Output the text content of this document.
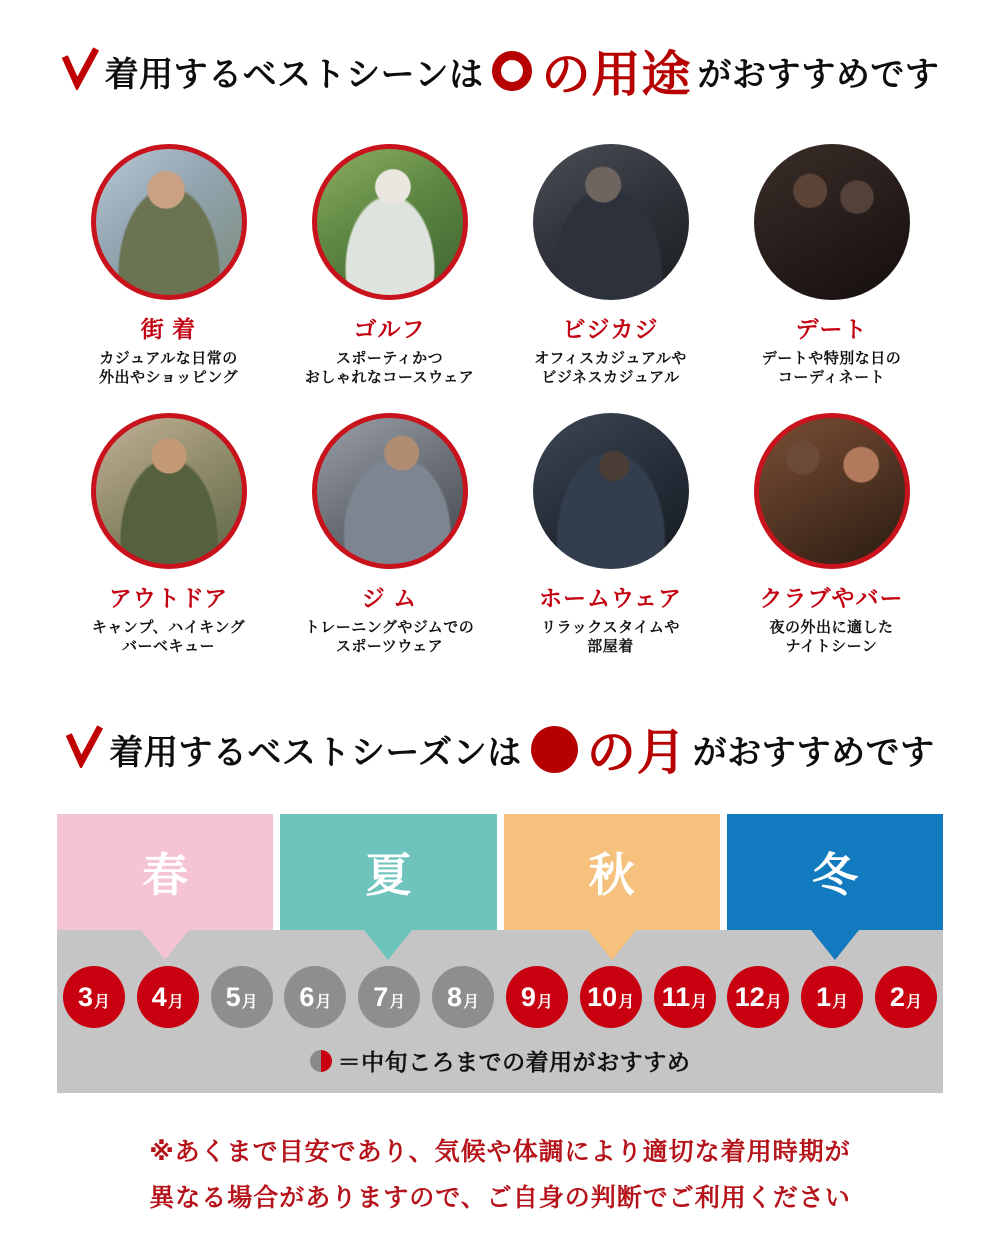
着用するベストシーンは ○ の用途 がおすすめです
街 着
カジュアルな日常の
外出やショッピング
ゴルフ
スポーティかつ
おしゃれなコースウェア
ビジカジ
オフィスカジュアルや
ビジネスカジュアル
デート
デートや特別な日の
コーディネート
アウトドア
キャンプ、ハイキング
バーベキュー
ジ ム
トレーニングやジムでの
スポーツウェア
ホームウェア
リラックスタイムや
部屋着
クラブやバー
夜の外出に適した
ナイトシーン
着用するベストシーズンは の月 がおすすめです
春	夏	秋	冬
3 月 4 月 5 月 6 月 7 月 8 月 9 月 10 月 11 月 12 月 1 月 2 月
＝中旬ころまでの着用がおすすめ
※あくまで目安であり、気候や体調により適切な着用時期が
異なる場合がありますので、ご自身の判断でご利用ください
